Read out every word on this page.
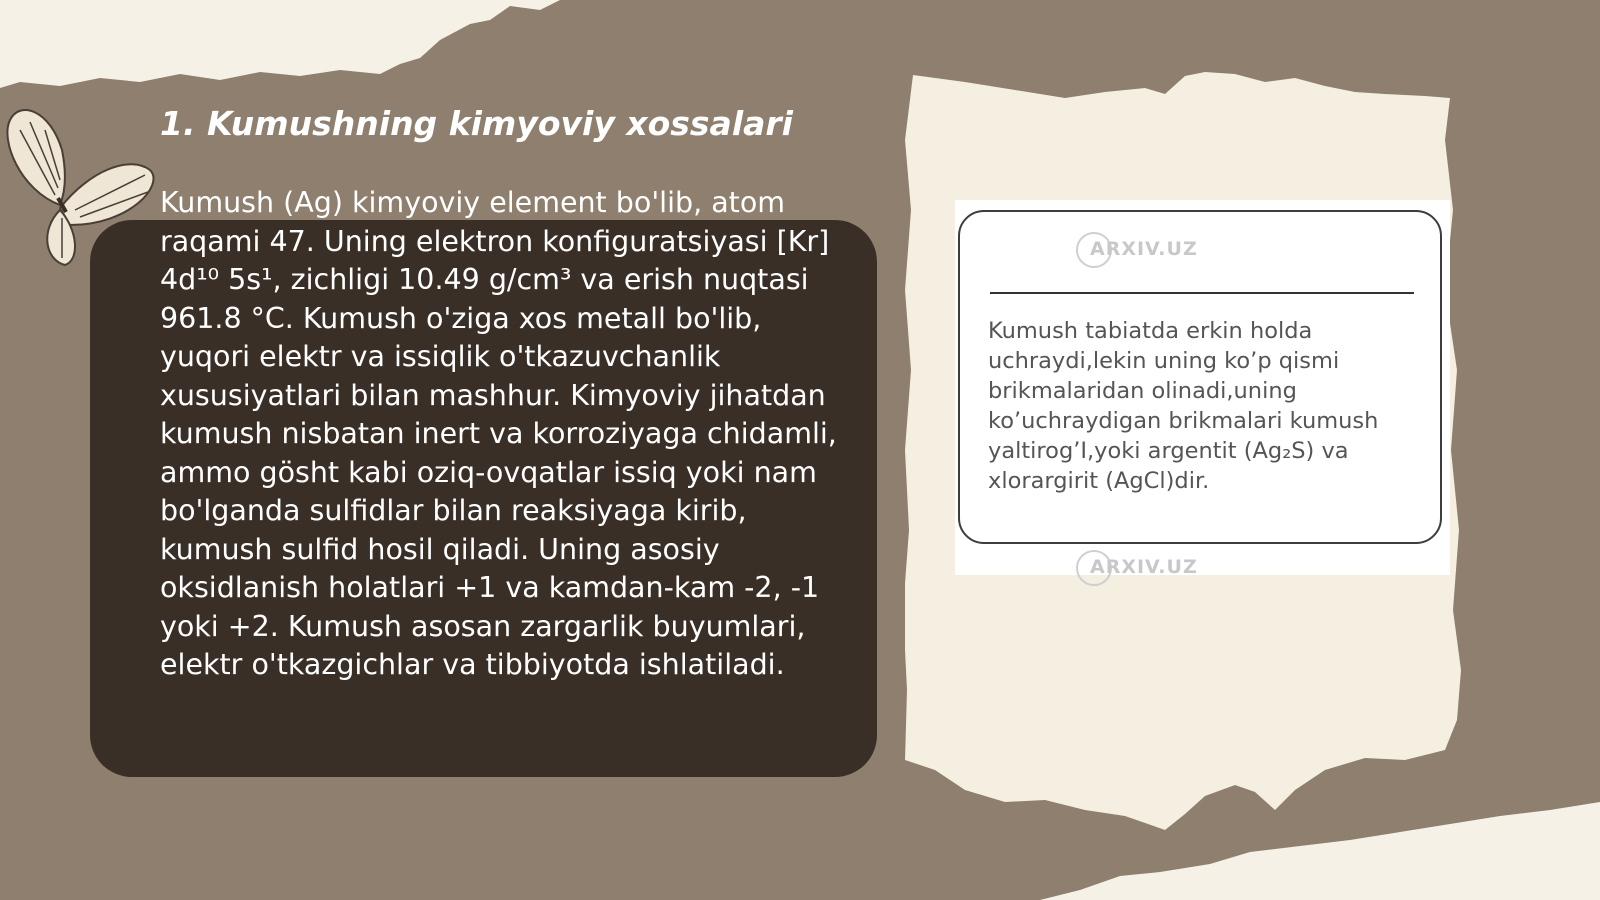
1. Kumushning kimyoviy xossalari

Kumush (Ag) kimyoviy element bo'lib, atom raqami 47. Uning elektron konfiguratsiyasi [Kr] 4d¹⁰ 5s¹, zichligi 10.49 g/cm³ va erish nuqtasi 961.8 °C. Kumush o'ziga xos metall bo'lib, yuqori elektr va issiqlik o'tkazuvchanlik xususiyatlari bilan mashhur. Kimyoviy jihatdan kumush nisbatan inert va korroziyaga chidamli, ammo gösht kabi oziq-ovqatlar issiq yoki nam bo'lganda sulfidlar bilan reaksiyaga kirib, kumush sulfid hosil qiladi. Uning asosiy oksidlanish holatlari +1 va kamdan-kam -2, -1 yoki +2. Kumush asosan zargarlik buyumlari, elektr o'tkazgichlar va tibbiyotda ishlatiladi.

ARXIV.UZ

Kumush tabiatda erkin holda uchraydi,lekin uning ko’p qismi brikmalaridan olinadi,uning ko’uchraydigan brikmalari kumush yaltirog’I,yoki argentit (Ag₂S) va xlorargirit (AgCl)dir.

ARXIV.UZ
